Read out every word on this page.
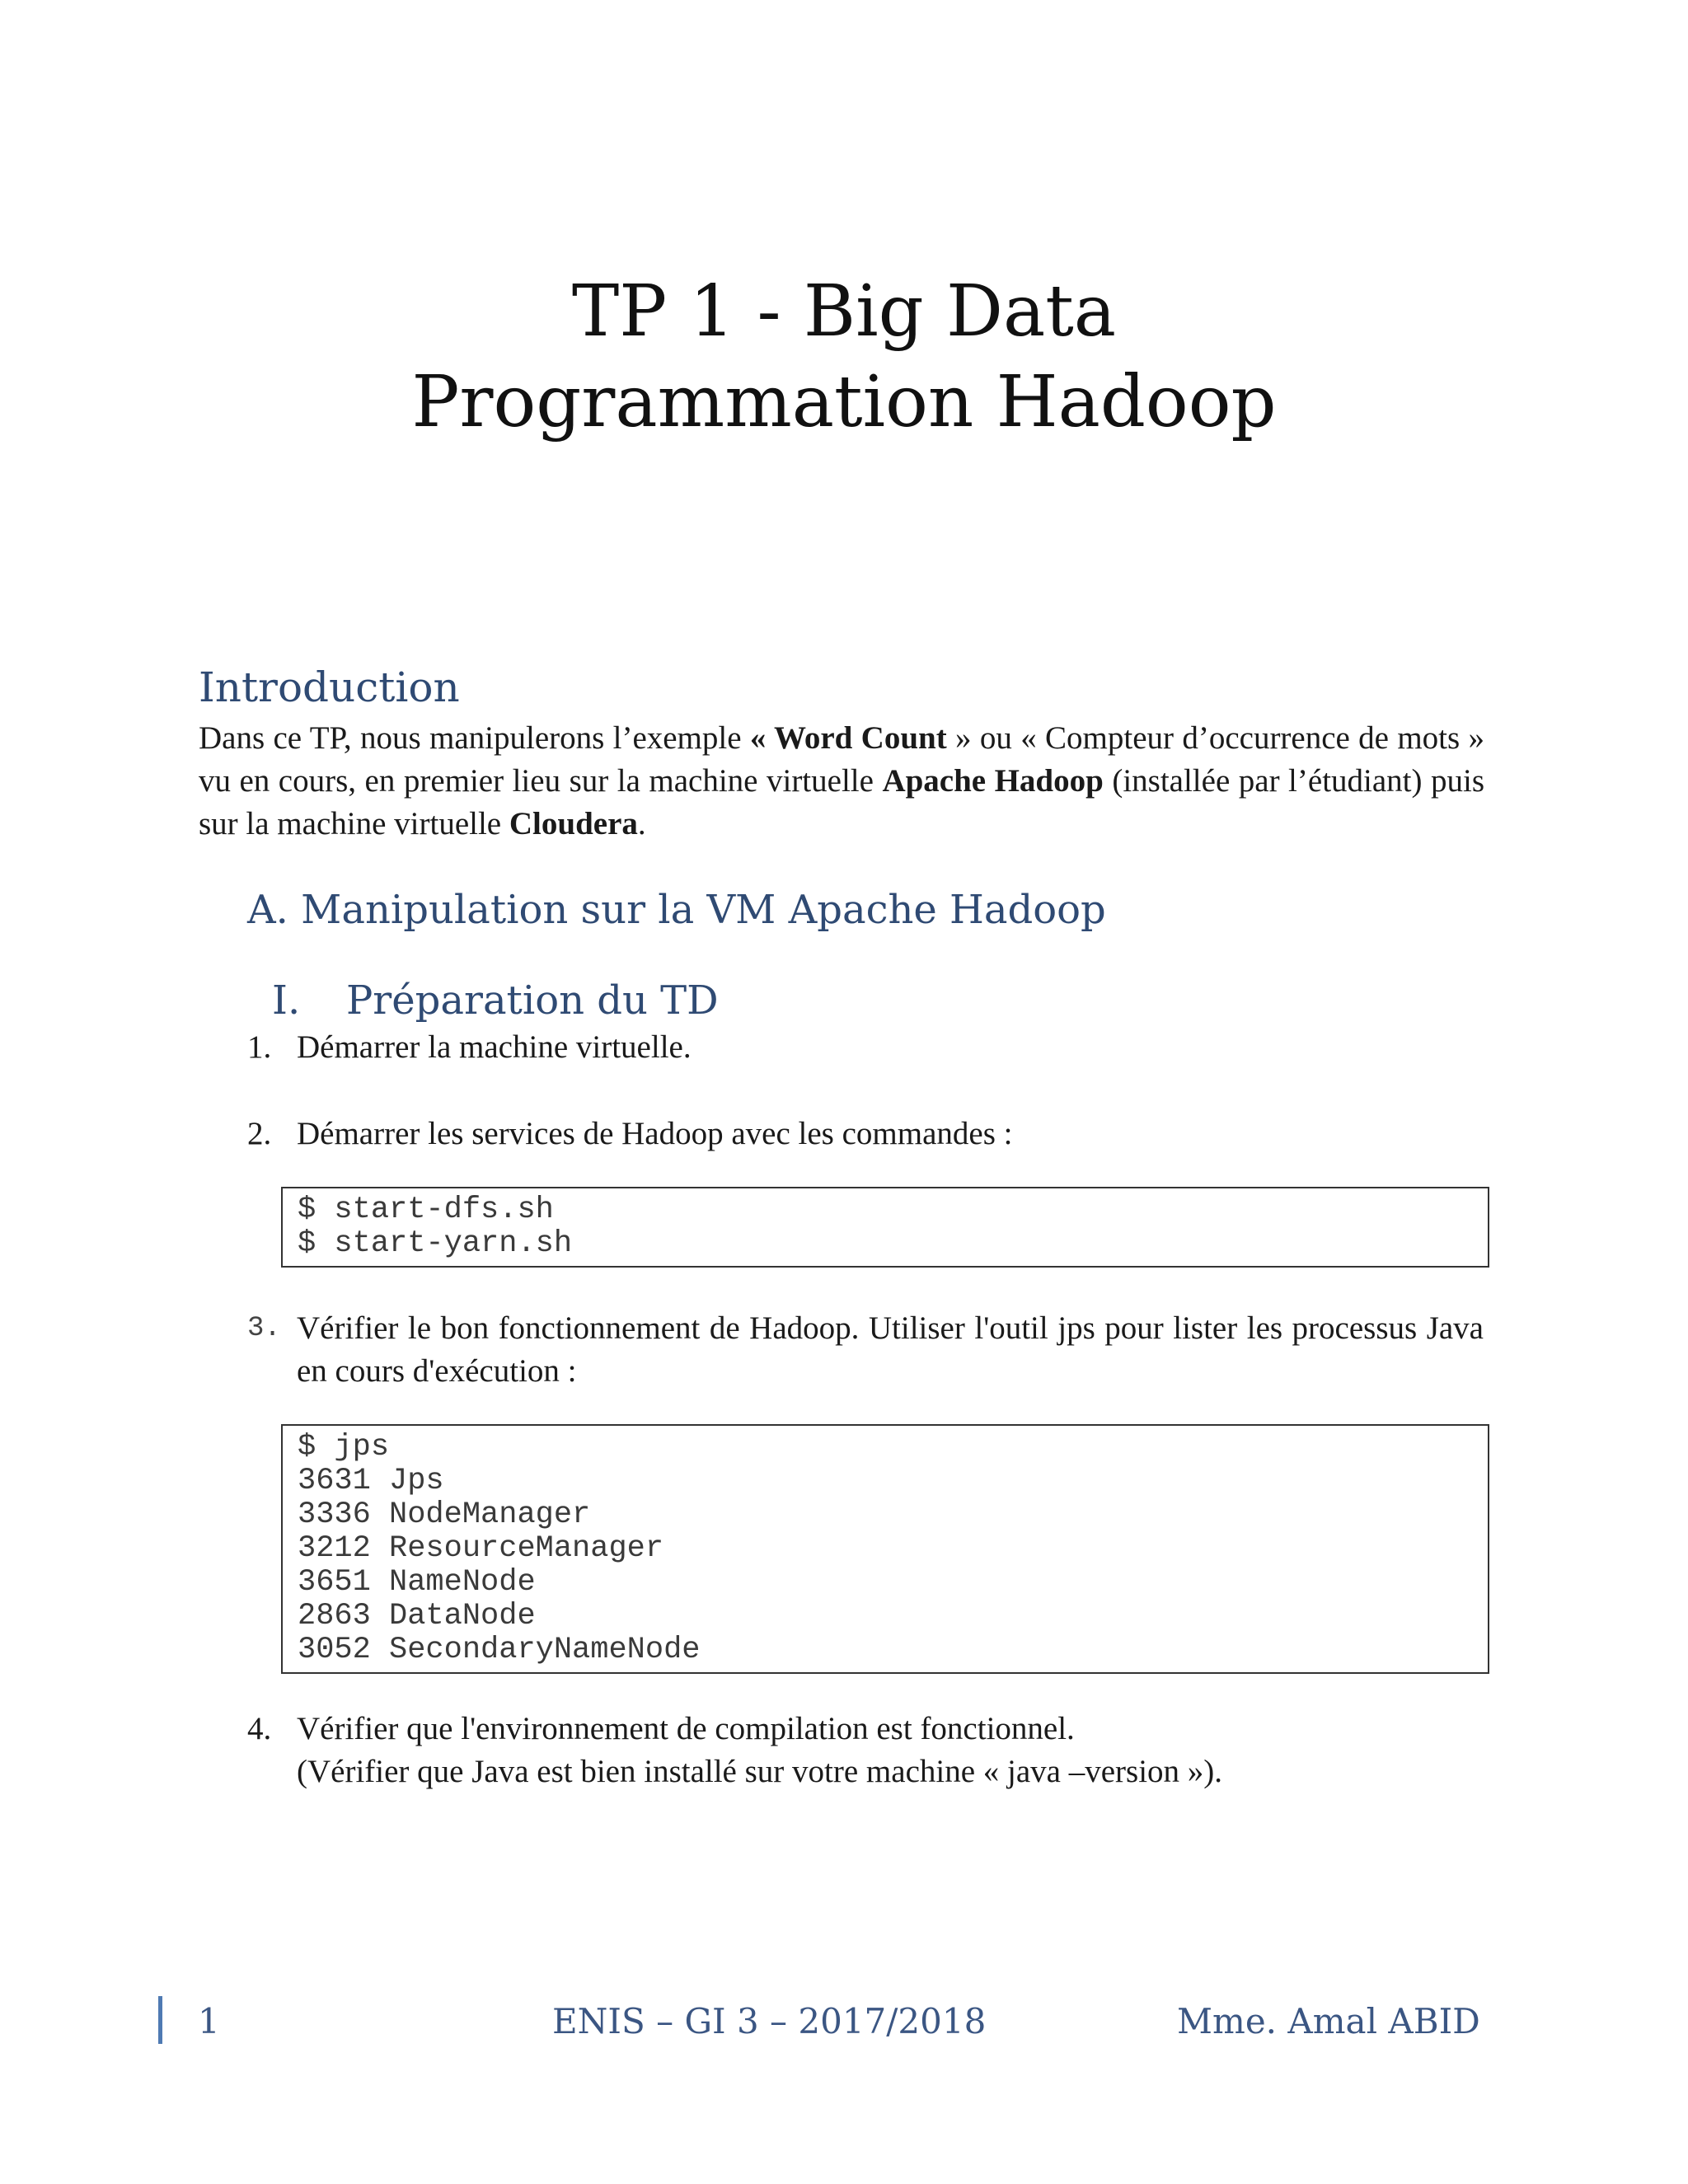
TP 1 - Big Data
Programmation Hadoop
Introduction
Dans ce TP, nous manipulerons l’exemple « Word Count » ou « Compteur d’occurrence de mots » vu en cours, en premier lieu sur la machine virtuelle Apache Hadoop (installée par l’étudiant) puis sur la machine virtuelle Cloudera.
A. Manipulation sur la VM Apache Hadoop
I. Préparation du TD
1. Démarrer la machine virtuelle.
2. Démarrer les services de Hadoop avec les commandes :
$ start-dfs.sh
$ start-yarn.sh
3. Vérifier le bon fonctionnement de Hadoop. Utiliser l'outil jps pour lister les processus Java en cours d'exécution :
$ jps
3631 Jps
3336 NodeManager
3212 ResourceManager
3651 NameNode
2863 DataNode
3052 SecondaryNameNode
4. Vérifier que l'environnement de compilation est fonctionnel.
(Vérifier que Java est bien installé sur votre machine « java –version »).
1	ENIS – GI 3 – 2017/2018	Mme. Amal ABID
